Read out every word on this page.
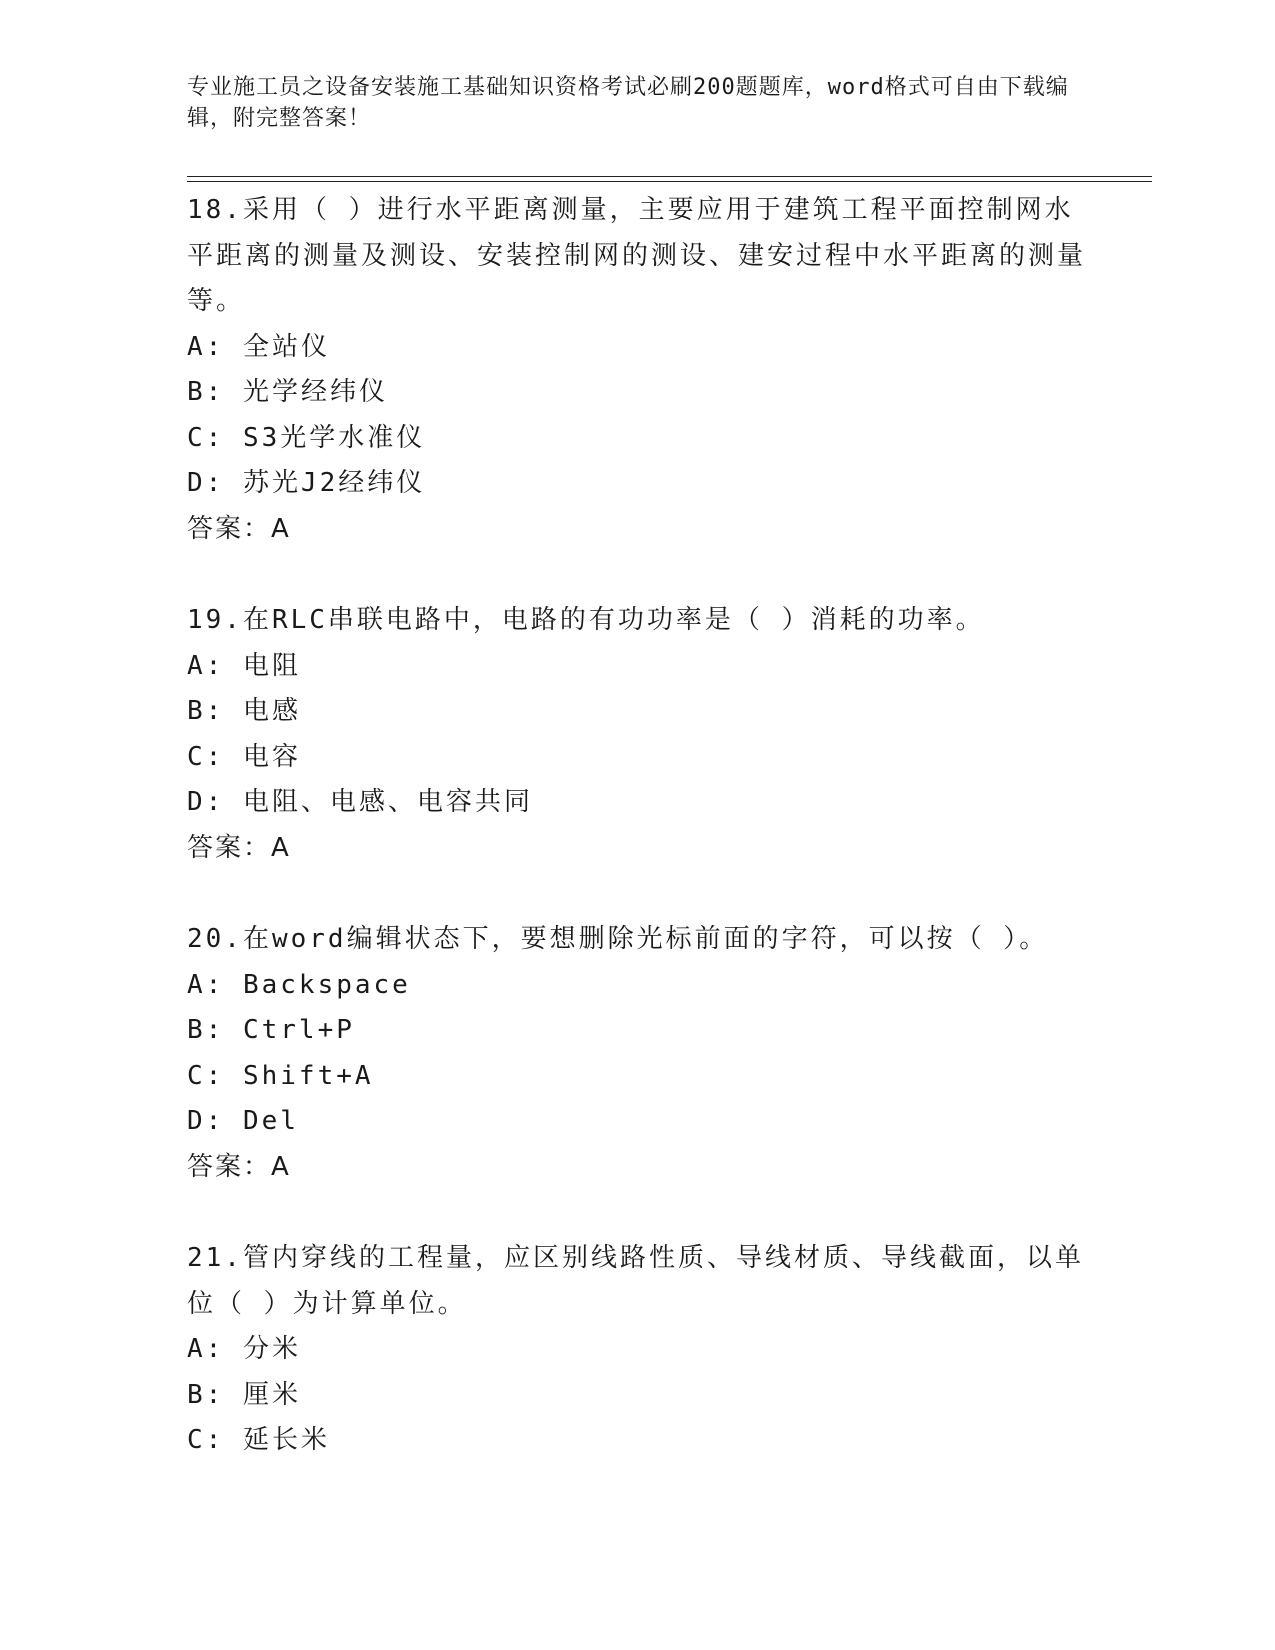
专业施工员之设备安装施工基础知识资格考试必刷200题题库，word格式可自由下载编辑，附完整答案！
18.采用（ ）进行水平距离测量，主要应用于建筑工程平面控制网水平距离的测量及测设、安装控制网的测设、建安过程中水平距离的测量等。
A: 全站仪
B: 光学经纬仪
C: S3光学水准仪
D: 苏光J2经纬仪
答案：A
19.在RLC串联电路中，电路的有功功率是（ ）消耗的功率。
A: 电阻
B: 电感
C: 电容
D: 电阻、电感、电容共同
答案：A
20.在word编辑状态下，要想删除光标前面的字符，可以按（ ）。
A: Backspace
B: Ctrl+P
C: Shift+A
D: Del
答案：A
21.管内穿线的工程量，应区别线路性质、导线材质、导线截面，以单位（ ）为计算单位。
A: 分米
B: 厘米
C: 延长米
